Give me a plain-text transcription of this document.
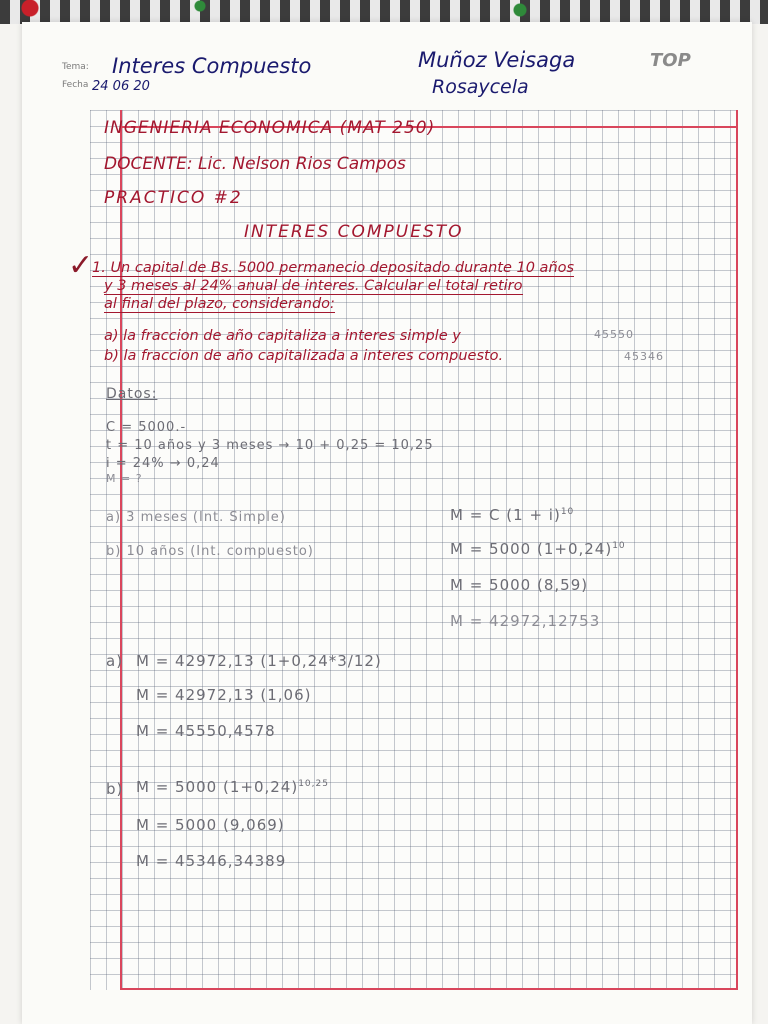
Tema:
Fecha
Interes Compuesto
24 06 20
Muñoz Veisaga
Rosaycela
TOP
INGENIERIA ECONOMICA (MAT 250)
DOCENTE: Lic. Nelson Rios Campos
PRACTICO #2
INTERES COMPUESTO
✓
1. Un capital de Bs. 5000 permanecio depositado durante 10 años
y 3 meses al 24% anual de interes. Calcular el total retiro
al final del plazo, considerando:
a) la fraccion de año capitaliza a interes simple y	45550
b) la fraccion de año capitalizada a interes compuesto.	45346
Datos:
C = 5000.-
t = 10 años y 3 meses → 10 + 0,25 = 10,25
i = 24% → 0,24
M = ?
a) 3 meses (Int. Simple)
b) 10 años (Int. compuesto)
M = C $(1 + i)^{10}$
M = 5000 $(1+0,24)^{10}$
M = 5000 (8,59)
M = 42972,12753
a) M = 42972,13 (1+0,24*3/12)
M = 42972,13 (1,06)
M = 45550,4578
b) M = 5000 $(1+0,24)^{10,25}$
M = 5000 (9,069)
M = 45346,34389
